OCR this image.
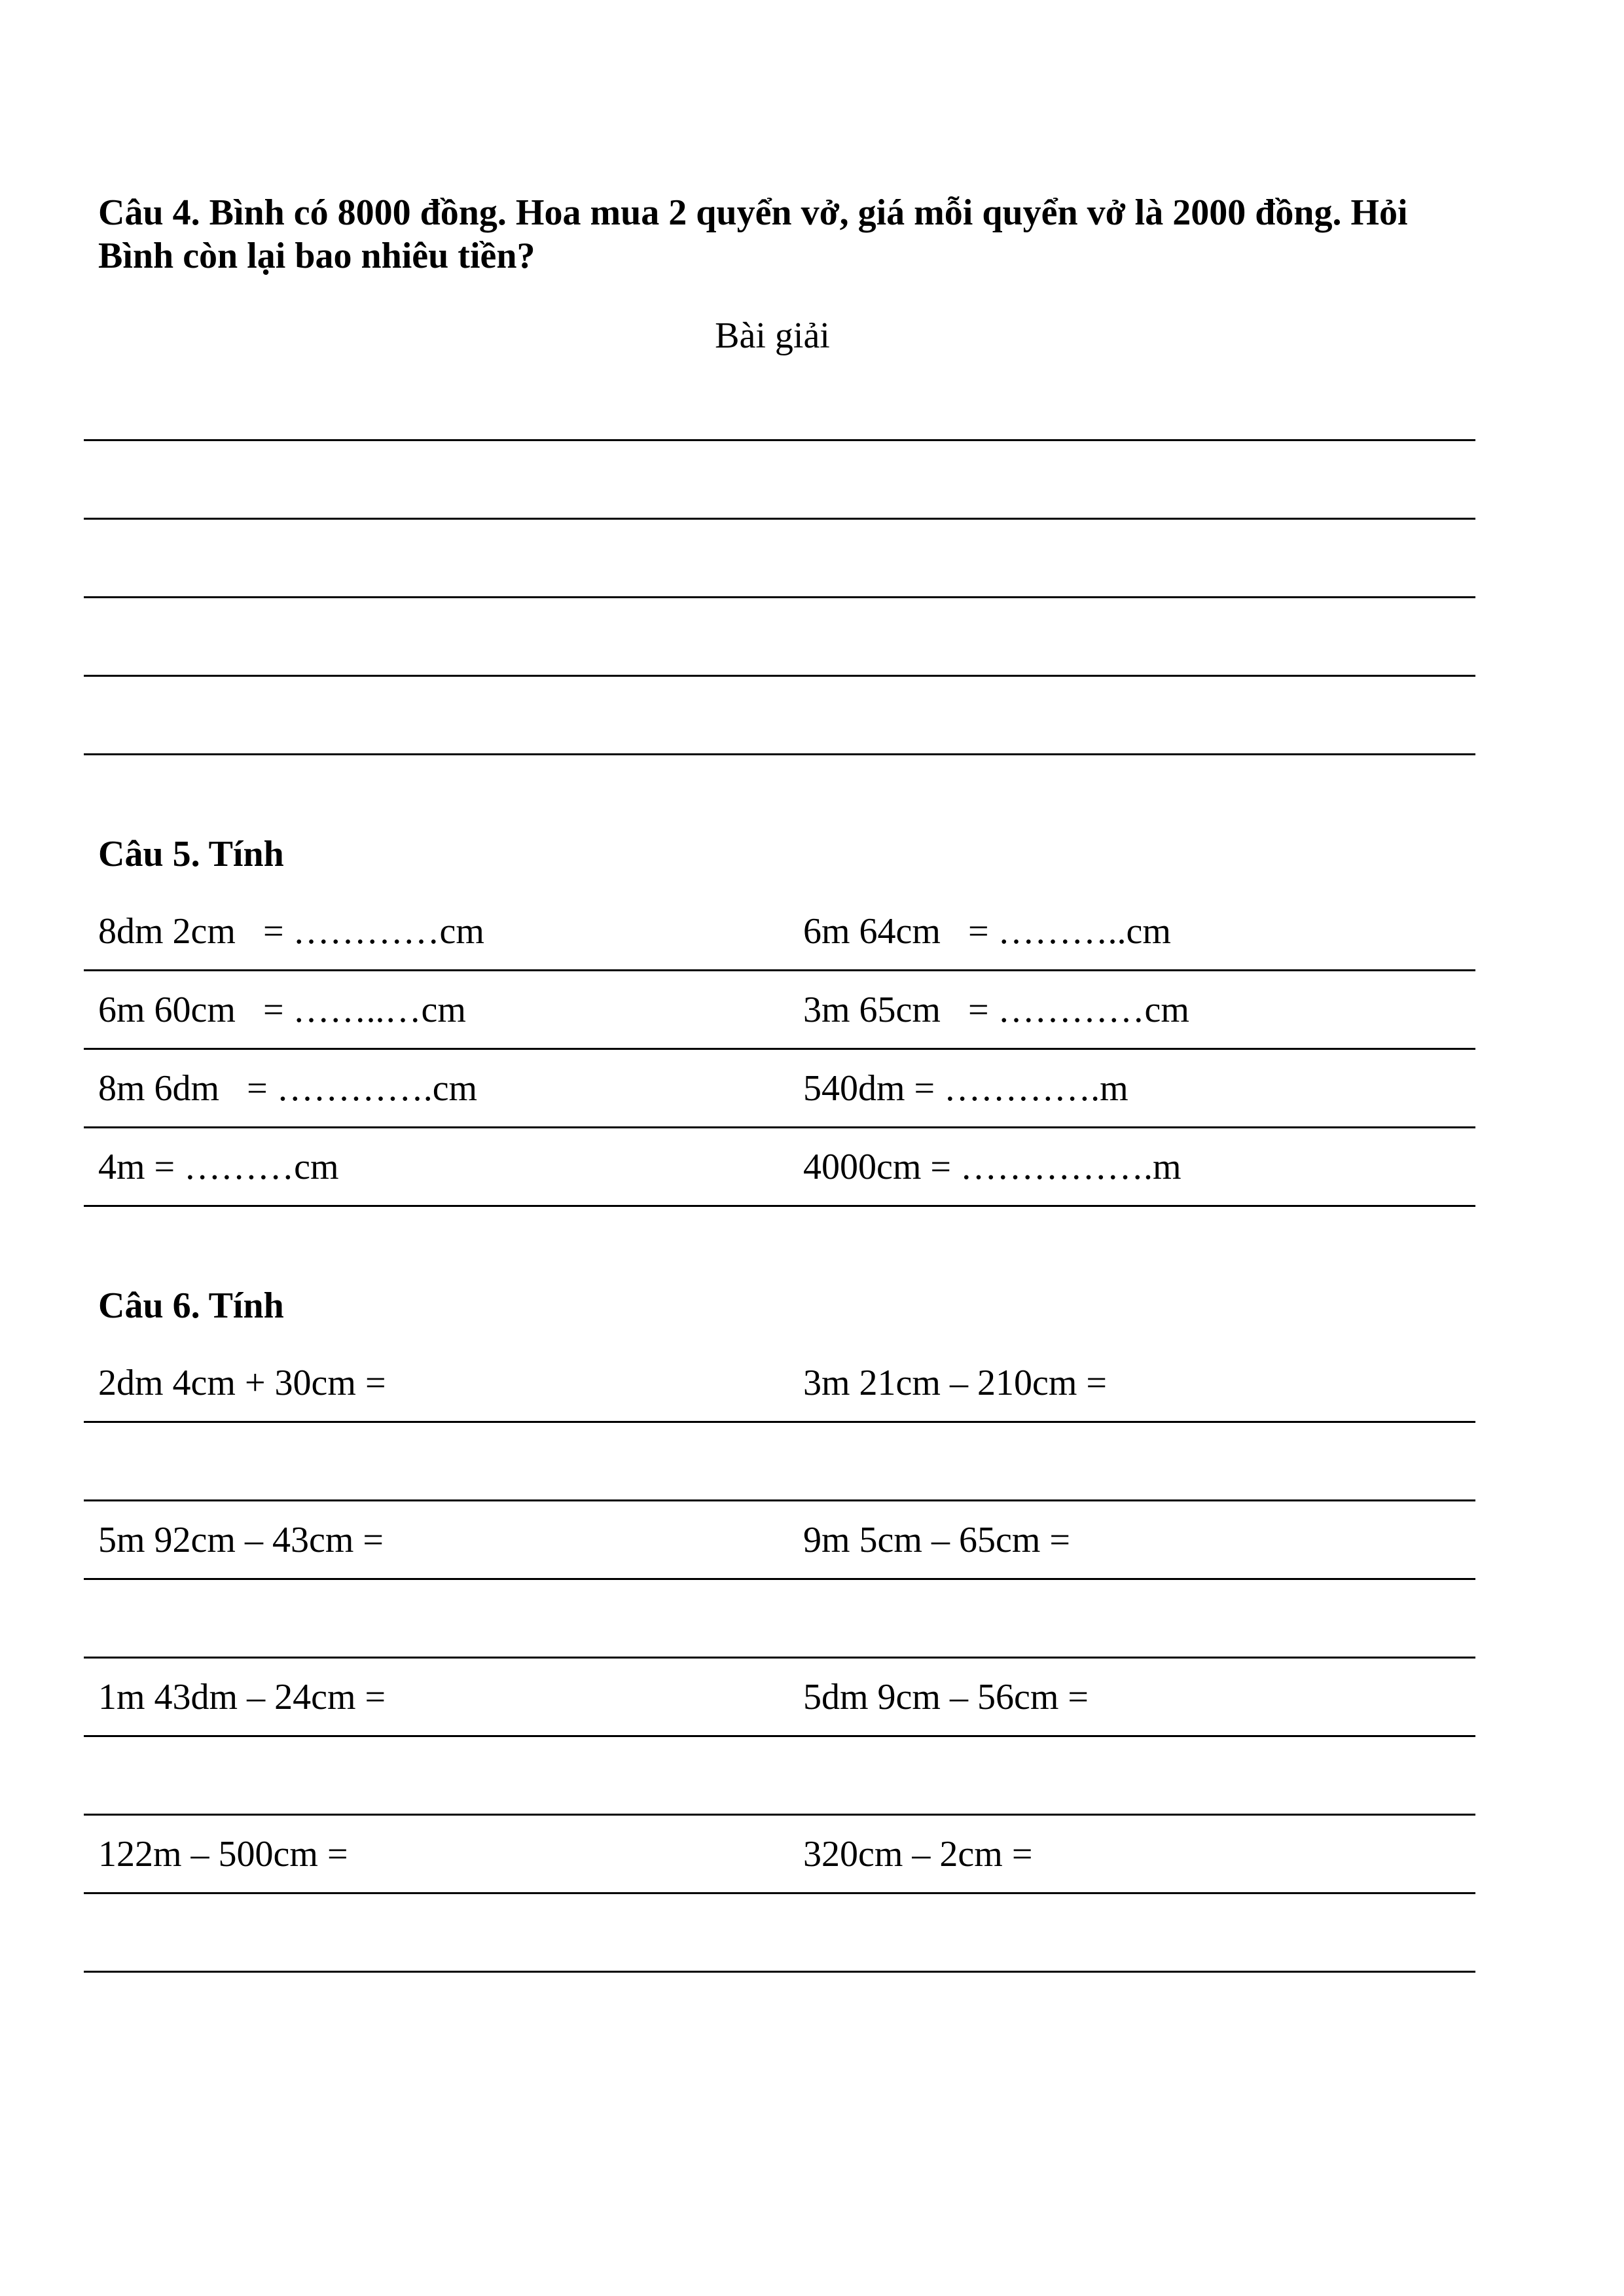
Câu 4. Bình có 8000 đồng. Hoa mua 2 quyển vở, giá mỗi quyển vở là 2000 đồng. Hỏi Bình còn lại bao nhiêu tiền?
Bài giải
Câu 5. Tính
8dm 2cm   = …………cm	6m 64cm   = ………..cm
6m 60cm   = ……..…cm	3m 65cm   = …………cm
8m 6dm   = ………….cm	540dm = ………….m
4m = ………cm	4000cm = …………….m
Câu 6. Tính
2dm 4cm + 30cm =	3m 21cm – 210cm =
5m 92cm – 43cm =	9m 5cm – 65cm =
1m 43dm – 24cm =	5dm 9cm – 56cm =
122m – 500cm =	320cm – 2cm =
